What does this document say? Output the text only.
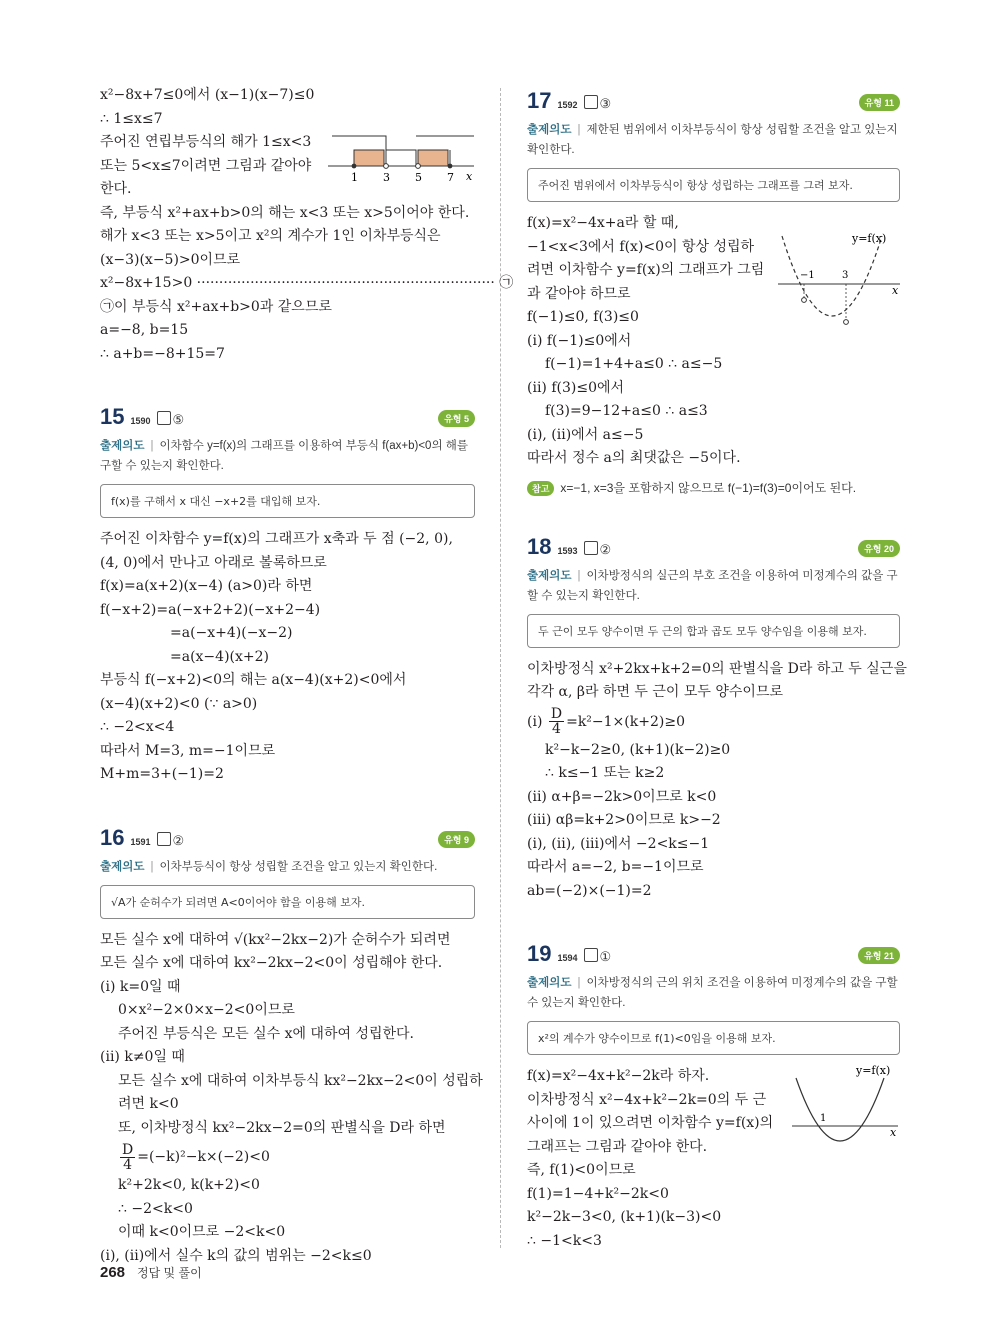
x²−8x+7≤0에서 (x−1)(x−7)≤0
∴ 1≤x≤7
주어진 연립부등식의 해가 1≤x<3
또는 5<x≤7이려면 그림과 같아야
한다.
즉, 부등식 x²+ax+b>0의 해는 x<3 또는 x>5이어야 한다.
해가 x<3 또는 x>5이고 x²의 계수가 1인 이차부등식은
(x−3)(x−5)>0이므로
x²−8x+15>0 ··································································· ㉠
㉠이 부등식 x²+ax+b>0과 같으므로
a=−8, b=15
∴ a+b=−8+15=7
15 1590	⑤	유형 5
출제의도 | 이차함수 y=f(x)의 그래프를 이용하여 부등식 f(ax+b)<0의 해를 구할 수 있는지 확인한다.
f(x)를 구해서 x 대신 −x+2를 대입해 보자.
주어진 이차함수 y=f(x)의 그래프가 x축과 두 점 (−2, 0),
(4, 0)에서 만나고 아래로 볼록하므로
f(x)=a(x+2)(x−4) (a>0)라 하면
f(−x+2)=a(−x+2+2)(−x+2−4)
=a(−x+4)(−x−2)
=a(x−4)(x+2)
부등식 f(−x+2)<0의 해는 a(x−4)(x+2)<0에서
(x−4)(x+2)<0 (∵ a>0)
∴ −2<x<4
따라서 M=3, m=−1이므로
M+m=3+(−1)=2
16 1591	②	유형 9
출제의도 | 이차부등식이 항상 성립할 조건을 알고 있는지 확인한다.
√A가 순허수가 되려면 A<0이어야 함을 이용해 보자.
모든 실수 x에 대하여 √(kx²−2kx−2)가 순허수가 되려면
모든 실수 x에 대하여 kx²−2kx−2<0이 성립해야 한다.
(i) k=0일 때
0×x²−2×0×x−2<0이므로
주어진 부등식은 모든 실수 x에 대하여 성립한다.
(ii) k≠0일 때
모든 실수 x에 대하여 이차부등식 kx²−2kx−2<0이 성립하
려면 k<0
또, 이차방정식 kx²−2kx−2=0의 판별식을 D라 하면
$\frac{D}{4} =(-k)^2-k\times(-2)<0$
k²+2k<0, k(k+2)<0
∴ −2<k<0
이때 k<0이므로 −2<k<0
(i), (ii)에서 실수 k의 값의 범위는 −2<k≤0
1 3 5 7 x
17 1592	③	유형 11
출제의도 | 제한된 범위에서 이차부등식이 항상 성립할 조건을 알고 있는지 확인한다.
주어진 범위에서 이차부등식이 항상 성립하는 그래프를 그려 보자.
f(x)=x²−4x+a라 할 때,
−1<x<3에서 f(x)<0이 항상 성립하
려면 이차함수 y=f(x)의 그래프가 그림
과 같아야 하므로
f(−1)≤0, f(3)≤0
(i) f(−1)≤0에서
f(−1)=1+4+a≤0 ∴ a≤−5
(ii) f(3)≤0에서
f(3)=9−12+a≤0 ∴ a≤3
(i), (ii)에서 a≤−5
따라서 정수 a의 최댓값은 −5이다.
참고 x=−1, x=3을 포함하지 않으므로 f(−1)=f(3)=0이어도 된다.
18 1593	②	유형 20
출제의도 | 이차방정식의 실근의 부호 조건을 이용하여 미정계수의 값을 구할 수 있는지 확인한다.
두 근이 모두 양수이면 두 근의 합과 곱도 모두 양수임을 이용해 보자.
이차방정식 x²+2kx+k+2=0의 판별식을 D라 하고 두 실근을
각각 α, β라 하면 두 근이 모두 양수이므로
$(i) \frac{D}{4} =k^2-1\times(k+2)\ge 0$
k²−k−2≥0, (k+1)(k−2)≥0
∴ k≤−1 또는 k≥2
(ii) α+β=−2k>0이므로 k<0
(iii) αβ=k+2>0이므로 k>−2
(i), (ii), (iii)에서 −2<k≤−1
따라서 a=−2, b=−1이므로
ab=(−2)×(−1)=2
19 1594	①	유형 21
출제의도 | 이차방정식의 근의 위치 조건을 이용하여 미정계수의 값을 구할 수 있는지 확인한다.
x²의 계수가 양수이므로 f(1)<0임을 이용해 보자.
f(x)=x²−4x+k²−2k라 하자.
이차방정식 x²−4x+k²−2k=0의 두 근
사이에 1이 있으려면 이차함수 y=f(x)의
그래프는 그림과 같아야 한다.
즉, f(1)<0이므로
f(1)=1−4+k²−2k<0
k²−2k−3<0, (k+1)(k−3)<0
∴ −1<k<3
y=f(x)
−1	3
x
y=f(x)
1
x
268 정답 및 풀이
